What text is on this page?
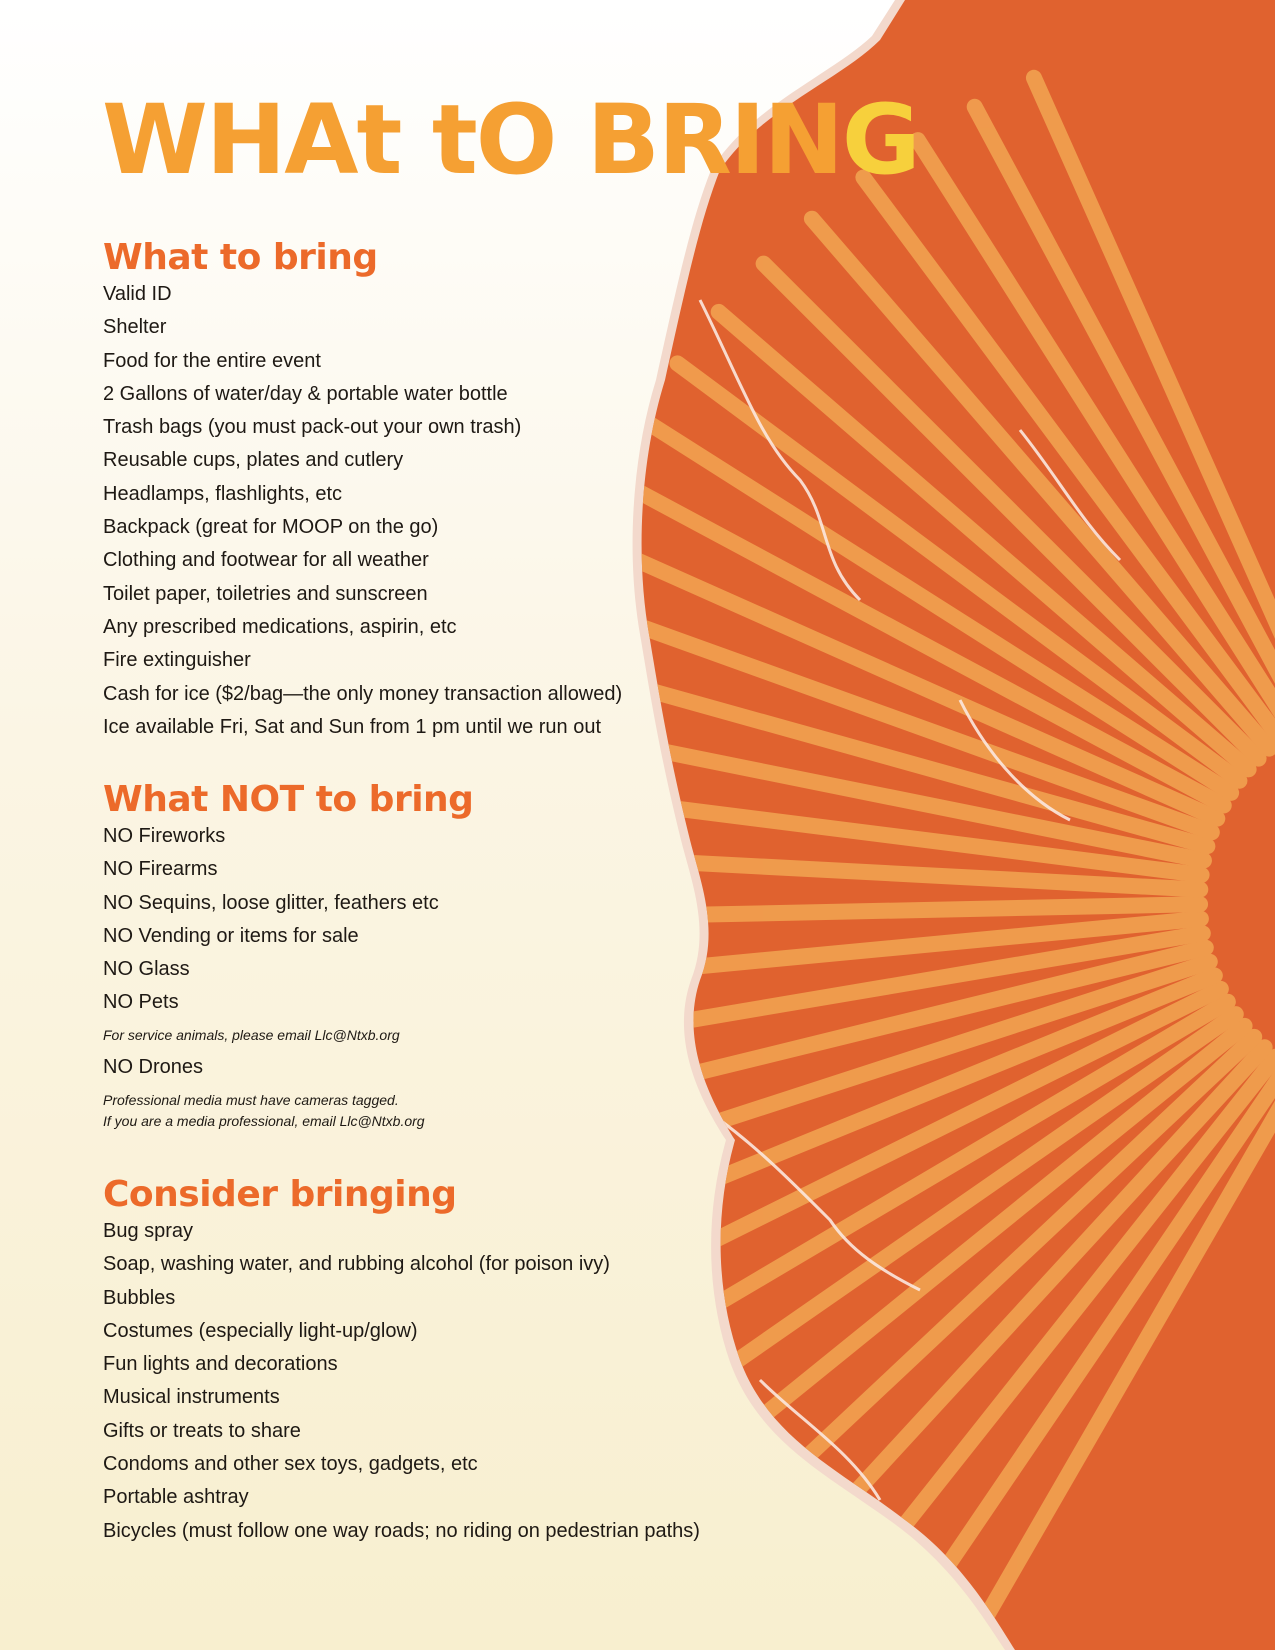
WHAt tO BRING
What to bring
Valid ID
Shelter
Food for the entire event
2 Gallons of water/day & portable water bottle
Trash bags (you must pack-out your own trash)
Reusable cups, plates and cutlery
Headlamps, flashlights, etc
Backpack (great for MOOP on the go)
Clothing and footwear for all weather
Toilet paper, toiletries and sunscreen
Any prescribed medications, aspirin, etc
Fire extinguisher
Cash for ice ($2/bag—the only money transaction allowed)
Ice available Fri, Sat and Sun from 1 pm until we run out
What NOT to bring
NO Fireworks
NO Firearms
NO Sequins, loose glitter, feathers etc
NO Vending or items for sale
NO Glass
NO Pets
For service animals, please email Llc@Ntxb.org
NO Drones
Professional media must have cameras tagged.
If you are a media professional, email Llc@Ntxb.org
Consider bringing
Bug spray
Soap, washing water, and rubbing alcohol (for poison ivy)
Bubbles
Costumes (especially light-up/glow)
Fun lights and decorations
Musical instruments
Gifts or treats to share
Condoms and other sex toys, gadgets, etc
Portable ashtray
Bicycles (must follow one way roads; no riding on pedestrian paths)
